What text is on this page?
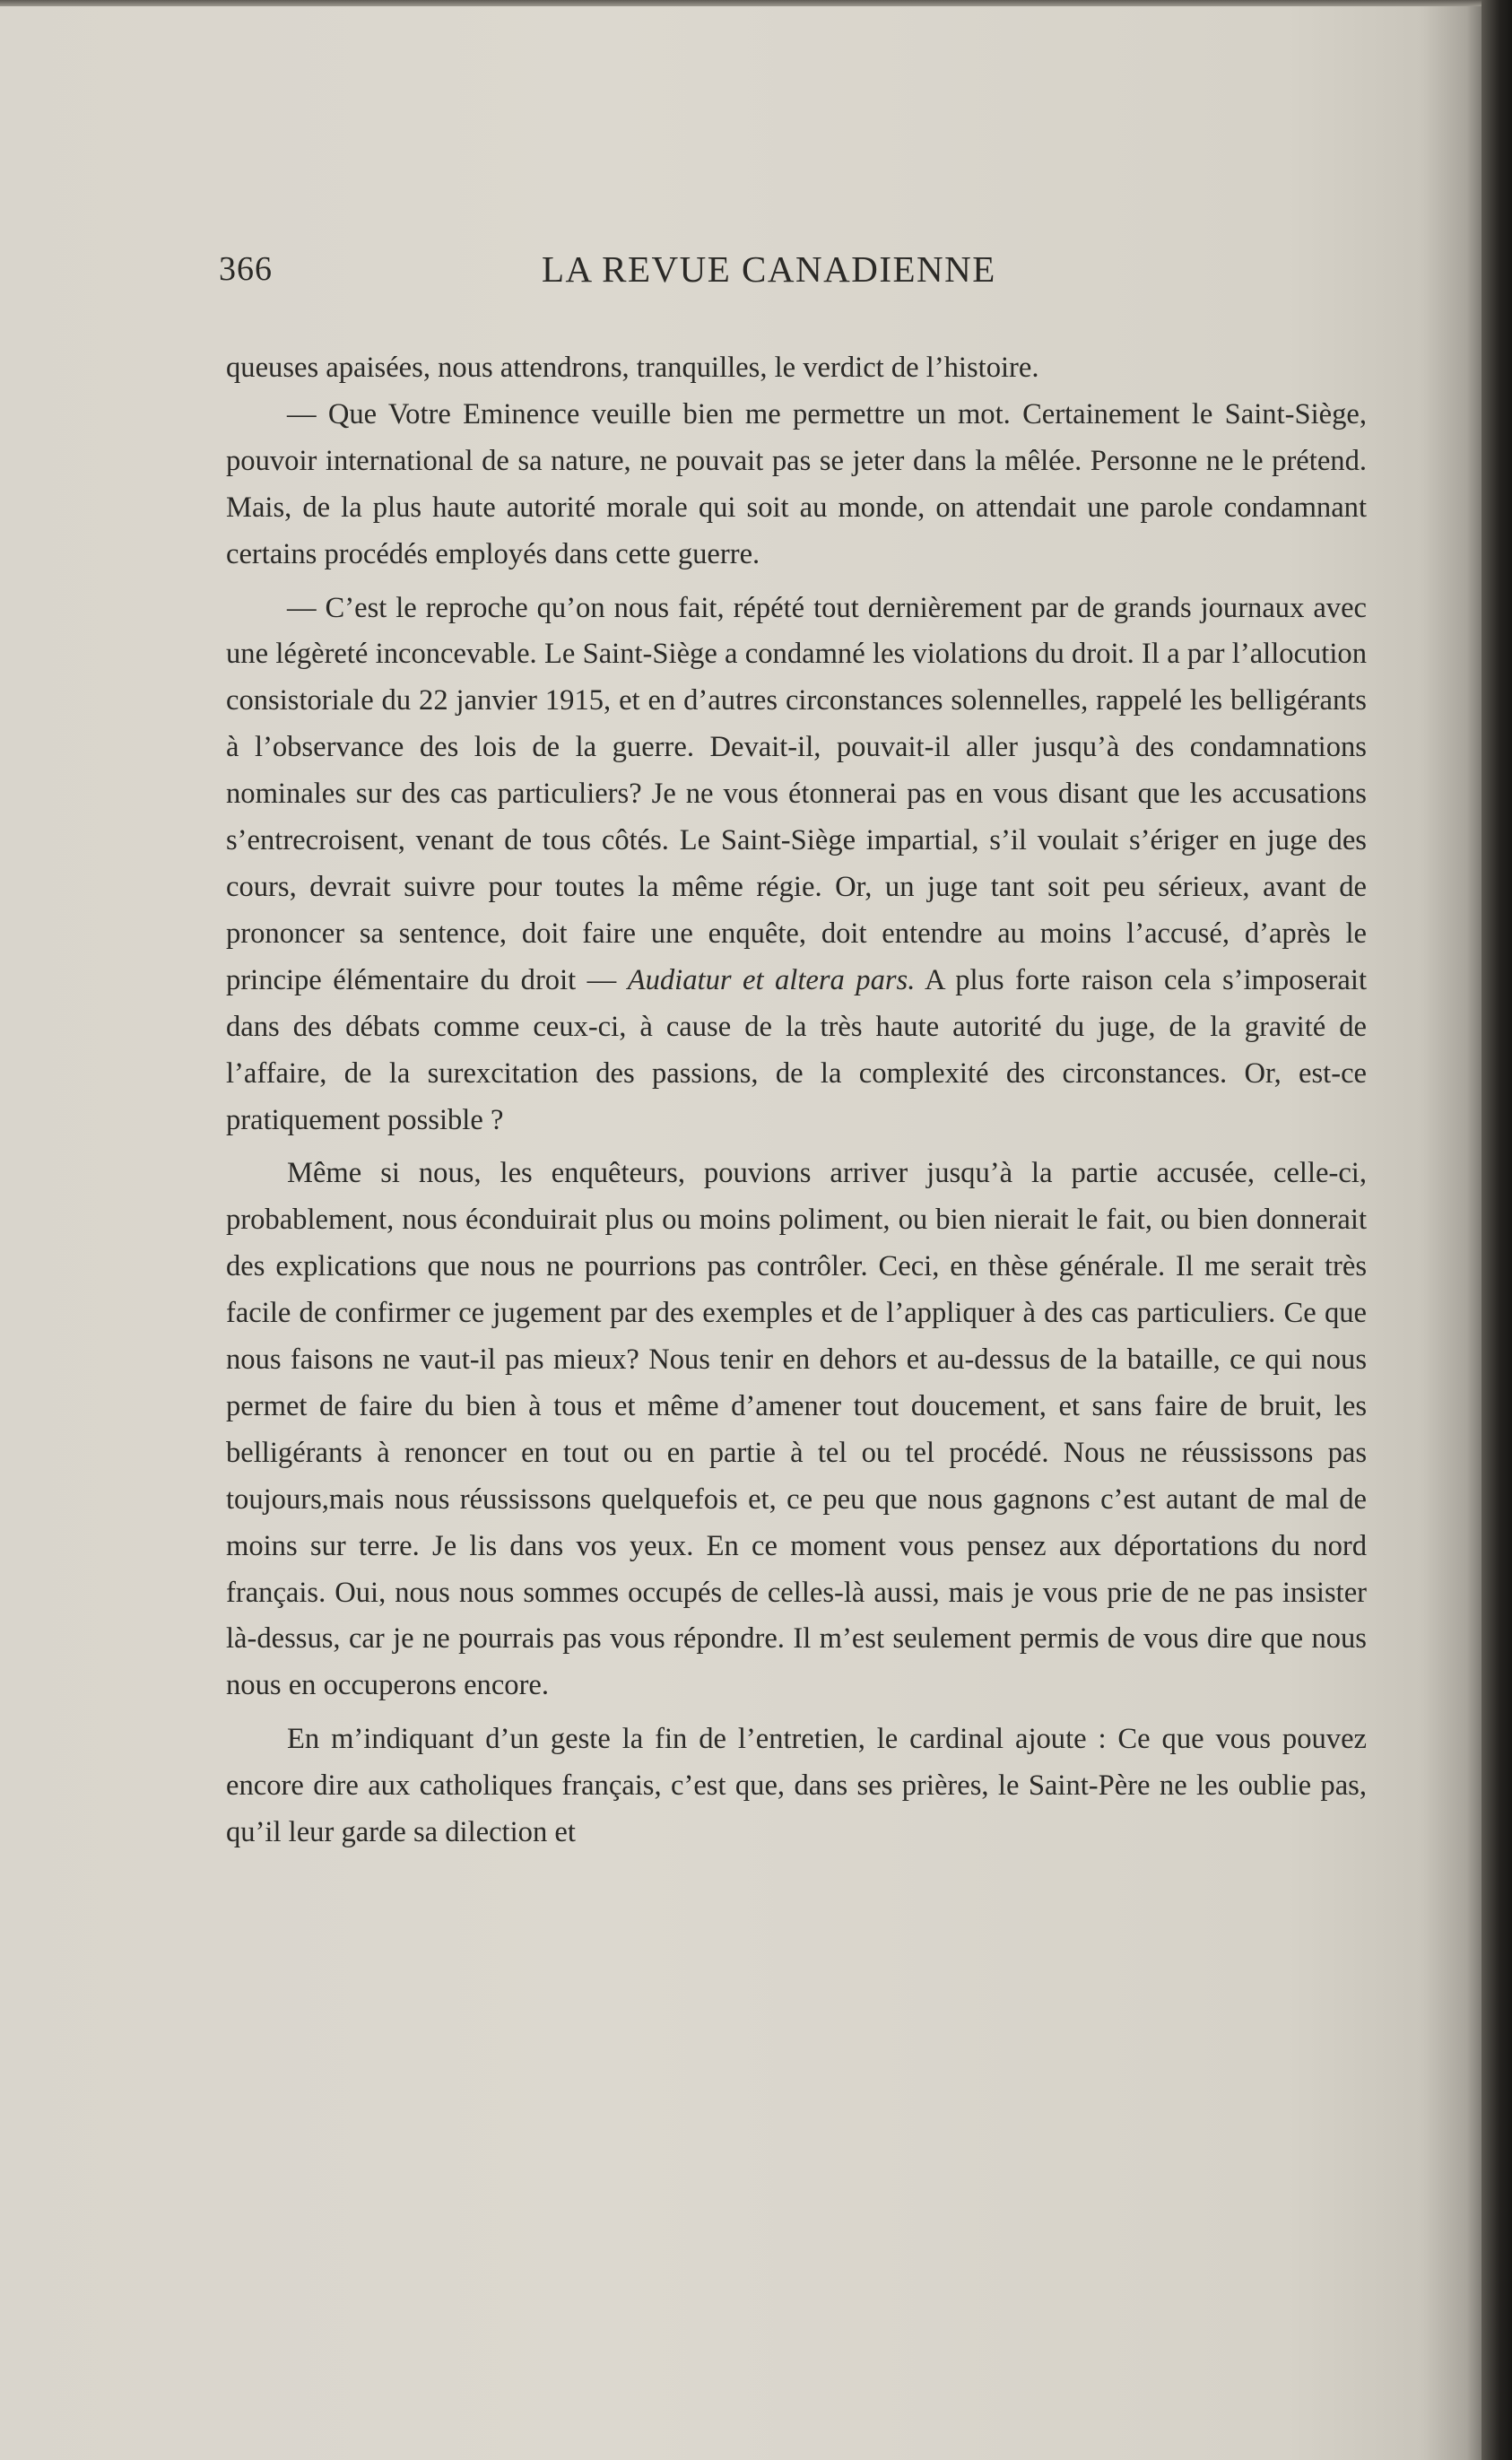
366	LA REVUE CANADIENNE

queuses apaisées, nous attendrons, tranquilles, le verdict de l’histoire.

— Que Votre Eminence veuille bien me permettre un mot. Certainement le Saint-Siège, pouvoir international de sa nature, ne pouvait pas se jeter dans la mêlée. Personne ne le prétend. Mais, de la plus haute autorité morale qui soit au monde, on attendait une parole condamnant certains procédés employés dans cette guerre.

— C’est le reproche qu’on nous fait, répété tout dernièrement par de grands journaux avec une légèreté inconcevable. Le Saint-Siège a condamné les violations du droit. Il a par l’allocution consistoriale du 22 janvier 1915, et en d’autres circonstances solennelles, rappelé les belligérants à l’observance des lois de la guerre. Devait-il, pouvait-il aller jusqu’à des condamnations nominales sur des cas particuliers? Je ne vous étonnerai pas en vous disant que les accusations s’entrecroisent, venant de tous côtés. Le Saint-Siège impartial, s’il voulait s’ériger en juge des cours, devrait suivre pour toutes la même régie. Or, un juge tant soit peu sérieux, avant de prononcer sa sentence, doit faire une enquête, doit entendre au moins l’accusé, d’après le principe élémentaire du droit — Audiatur et altera pars. A plus forte raison cela s’imposerait dans des débats comme ceux-ci, à cause de la très haute autorité du juge, de la gravité de l’affaire, de la surexcitation des passions, de la complexité des circonstances. Or, est-ce pratiquement possible ?

Même si nous, les enquêteurs, pouvions arriver jusqu’à la partie accusée, celle-ci, probablement, nous éconduirait plus ou moins poliment, ou bien nierait le fait, ou bien donnerait des explications que nous ne pourrions pas contrôler. Ceci, en thèse générale. Il me serait très facile de confirmer ce jugement par des exemples et de l’appliquer à des cas particuliers. Ce que nous faisons ne vaut-il pas mieux? Nous tenir en dehors et au-dessus de la bataille, ce qui nous permet de faire du bien à tous et même d’amener tout doucement, et sans faire de bruit, les belligérants à renoncer en tout ou en partie à tel ou tel procédé. Nous ne réussissons pas toujours,mais nous réussissons quelquefois et, ce peu que nous gagnons c’est autant de mal de moins sur terre. Je lis dans vos yeux. En ce moment vous pensez aux déportations du nord français. Oui, nous nous sommes occupés de celles-là aussi, mais je vous prie de ne pas insister là-dessus, car je ne pourrais pas vous répondre. Il m’est seulement permis de vous dire que nous nous en occuperons encore.

En m’indiquant d’un geste la fin de l’entretien, le cardinal ajoute : Ce que vous pouvez encore dire aux catholiques français, c’est que, dans ses prières, le Saint-Père ne les oublie pas, qu’il leur garde sa dilection et
